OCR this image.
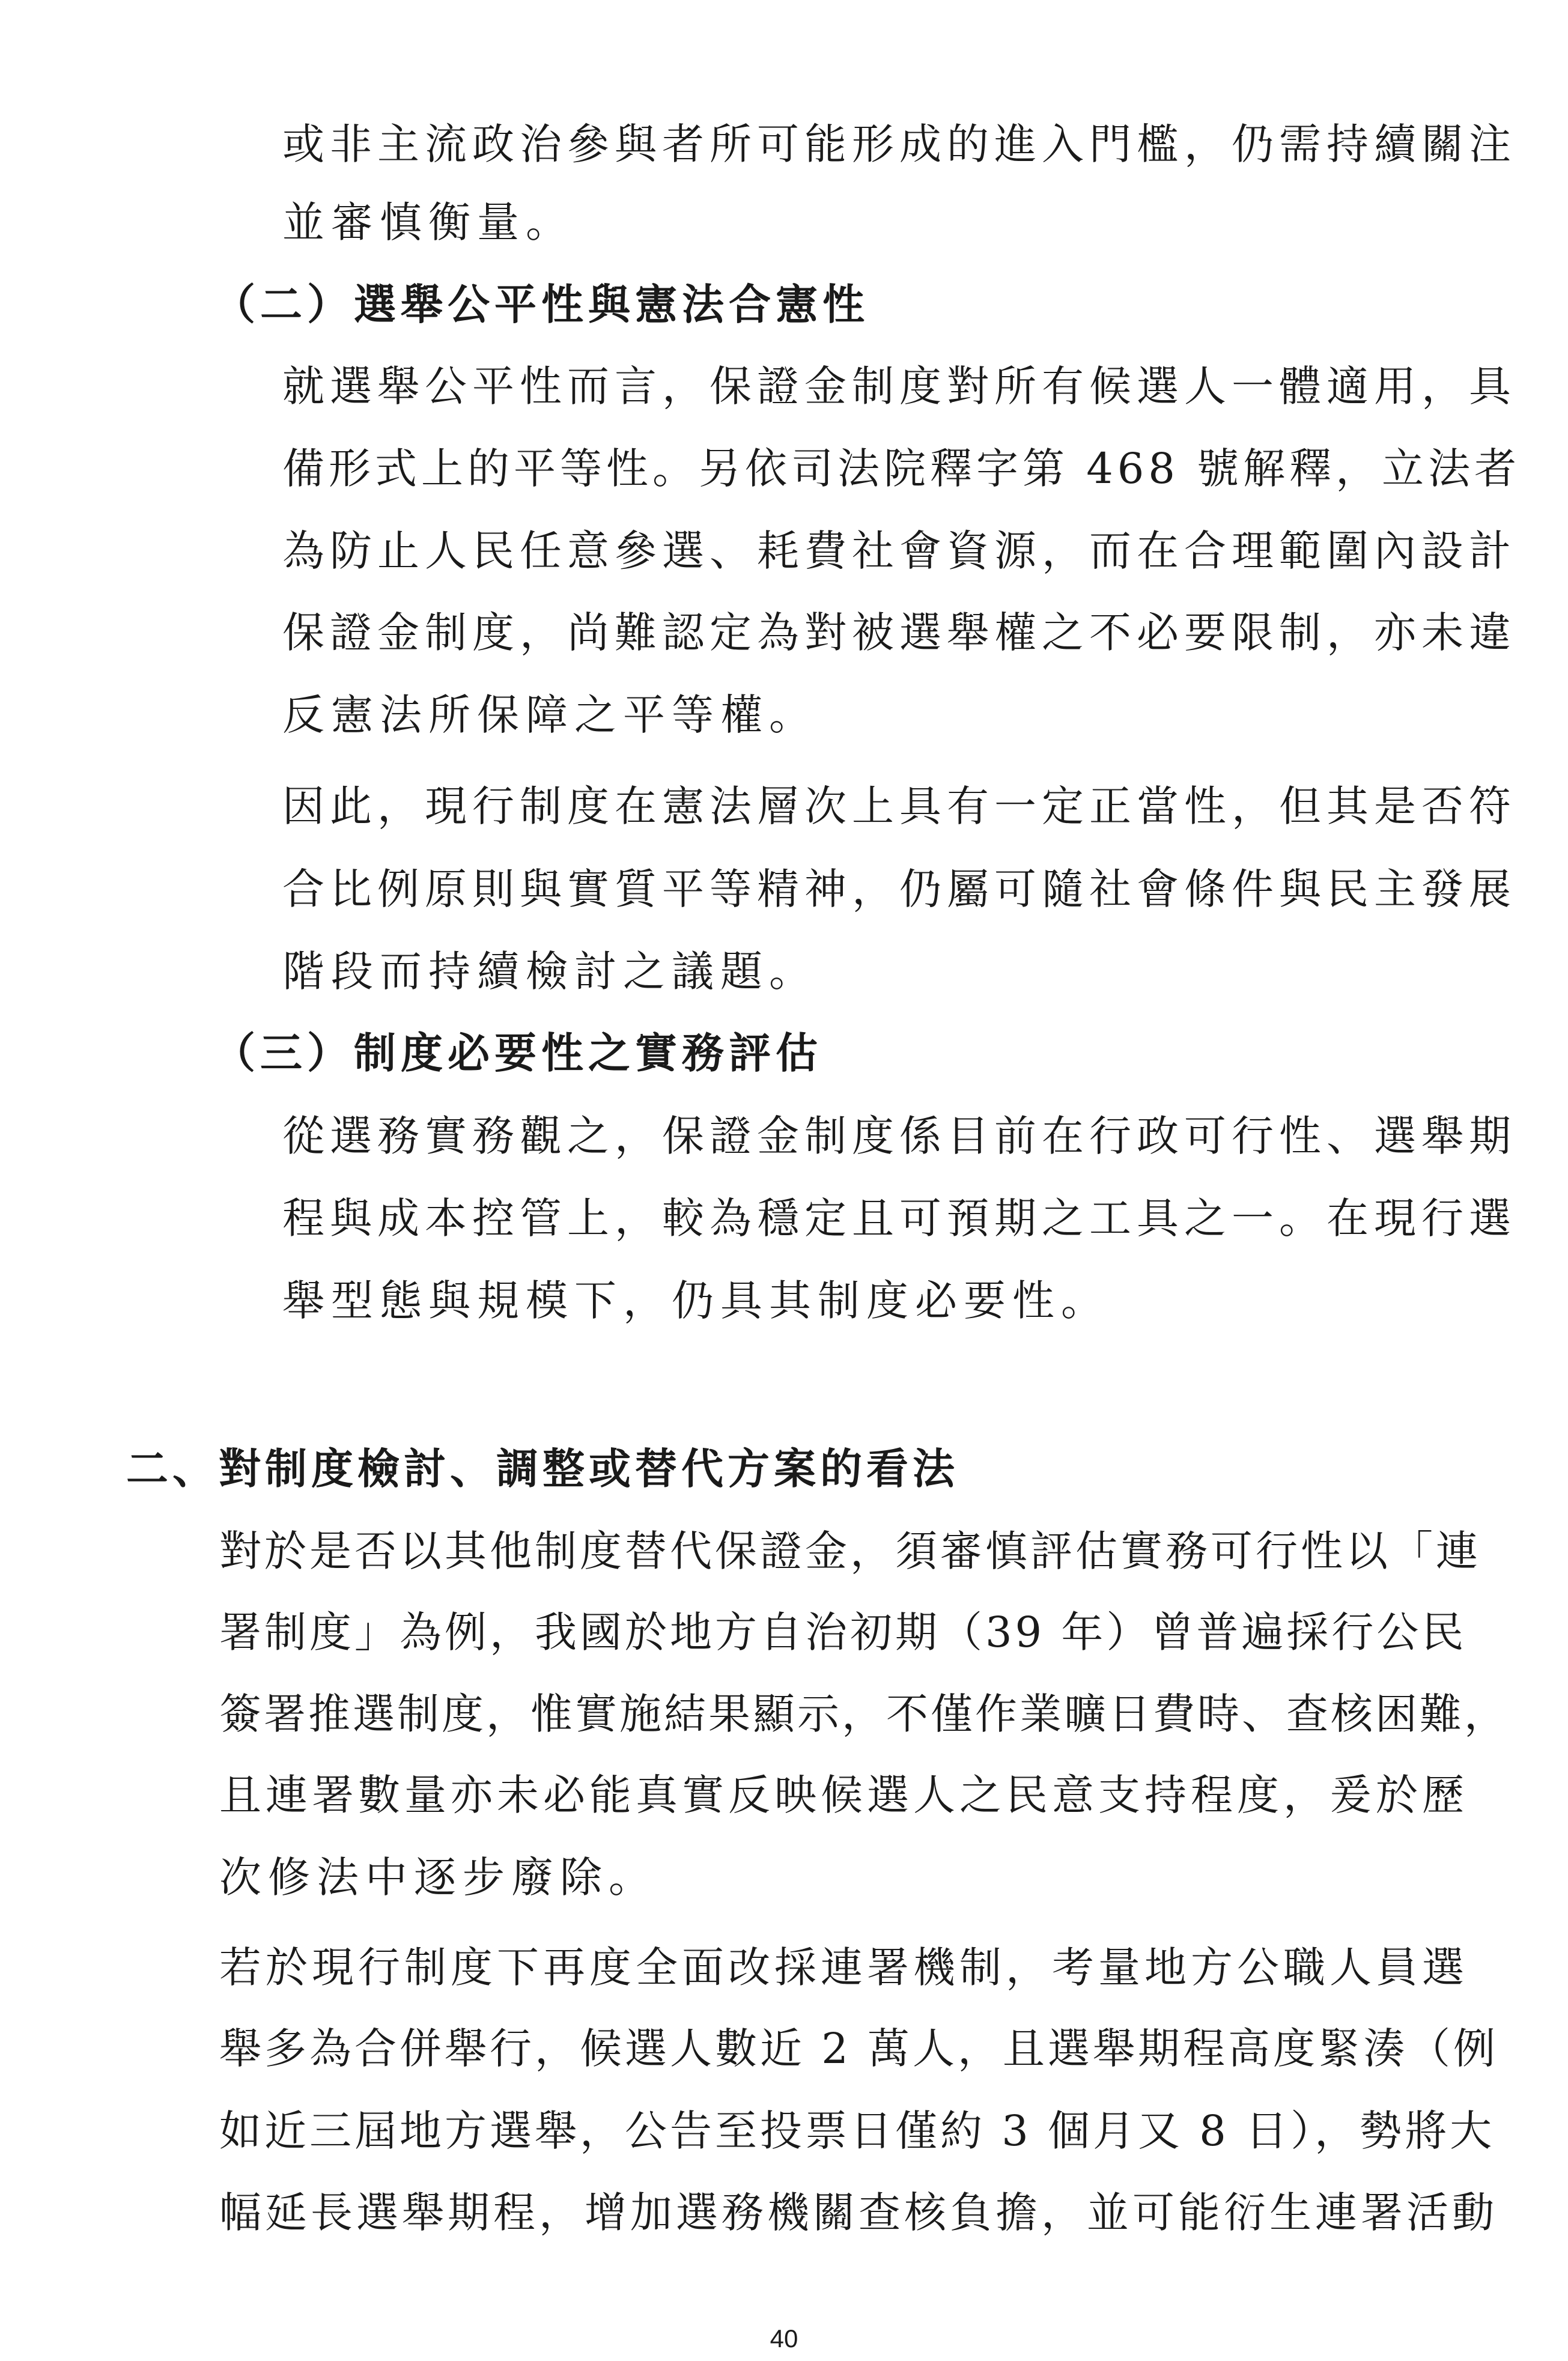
或非主流政治參與者所可能形成的進入門檻，仍需持續關注
並審慎衡量。
（二）選舉公平性與憲法合憲性
就選舉公平性而言，保證金制度對所有候選人一體適用，具
備形式上的平等性。另依司法院釋字第 468 號解釋，立法者
為防止人民任意參選、耗費社會資源，而在合理範圍內設計
保證金制度，尚難認定為對被選舉權之不必要限制，亦未違
反憲法所保障之平等權。
因此，現行制度在憲法層次上具有一定正當性，但其是否符
合比例原則與實質平等精神，仍屬可隨社會條件與民主發展
階段而持續檢討之議題。
（三）制度必要性之實務評估
從選務實務觀之，保證金制度係目前在行政可行性、選舉期
程與成本控管上，較為穩定且可預期之工具之一。在現行選
舉型態與規模下，仍具其制度必要性。
二、對制度檢討、調整或替代方案的看法
對於是否以其他制度替代保證金，須審慎評估實務可行性以「連
署制度」為例，我國於地方自治初期（39 年）曾普遍採行公民
簽署推選制度，惟實施結果顯示，不僅作業曠日費時、查核困難，
且連署數量亦未必能真實反映候選人之民意支持程度，爰於歷
次修法中逐步廢除。
若於現行制度下再度全面改採連署機制，考量地方公職人員選
舉多為合併舉行，候選人數近 2 萬人，且選舉期程高度緊湊（例
如近三屆地方選舉，公告至投票日僅約 3 個月又 8 日），勢將大
幅延長選舉期程，增加選務機關查核負擔，並可能衍生連署活動
40
